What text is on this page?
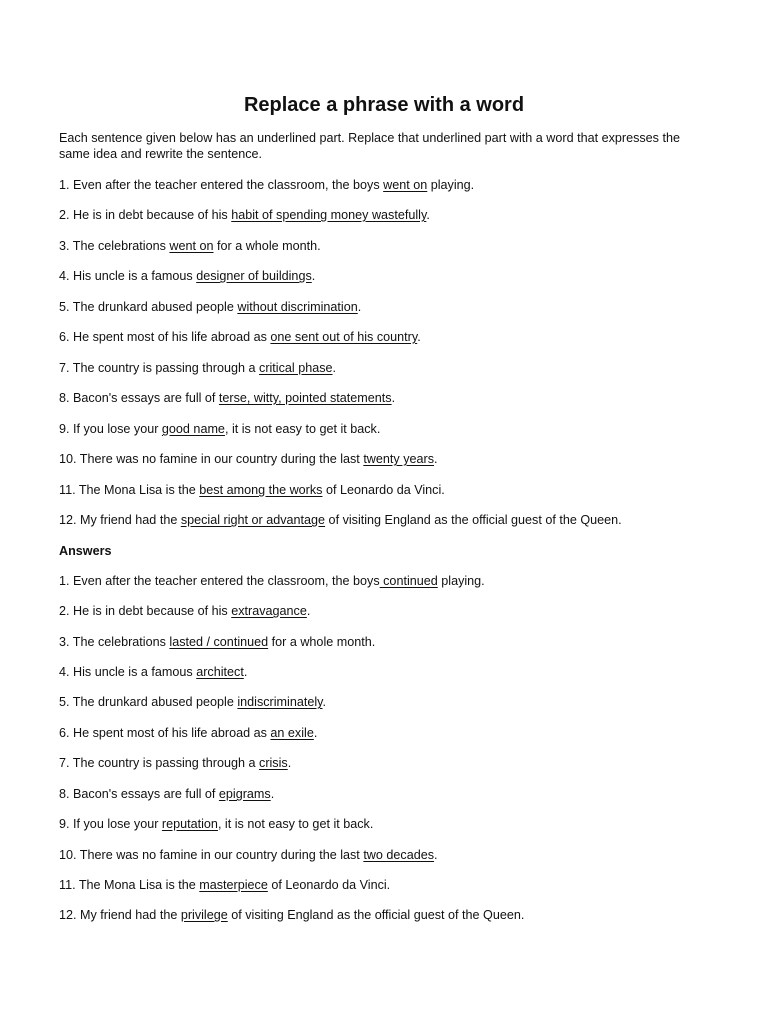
Replace a phrase with a word

Each sentence given below has an underlined part. Replace that underlined part with a word that expresses the same idea and rewrite the sentence.

1. Even after the teacher entered the classroom, the boys went on playing.

2. He is in debt because of his habit of spending money wastefully.

3. The celebrations went on for a whole month.

4. His uncle is a famous designer of buildings.

5. The drunkard abused people without discrimination.

6. He spent most of his life abroad as one sent out of his country.

7. The country is passing through a critical phase.

8. Bacon's essays are full of terse, witty, pointed statements.

9. If you lose your good name, it is not easy to get it back.

10. There was no famine in our country during the last twenty years.

11. The Mona Lisa is the best among the works of Leonardo da Vinci.

12. My friend had the special right or advantage of visiting England as the official guest of the Queen.

Answers

1. Even after the teacher entered the classroom, the boys continued playing.

2. He is in debt because of his extravagance.

3. The celebrations lasted / continued for a whole month.

4. His uncle is a famous architect.

5. The drunkard abused people indiscriminately.

6. He spent most of his life abroad as an exile.

7. The country is passing through a crisis.

8. Bacon's essays are full of epigrams.

9. If you lose your reputation, it is not easy to get it back.

10. There was no famine in our country during the last two decades.

11. The Mona Lisa is the masterpiece of Leonardo da Vinci.

12. My friend had the privilege of visiting England as the official guest of the Queen.
